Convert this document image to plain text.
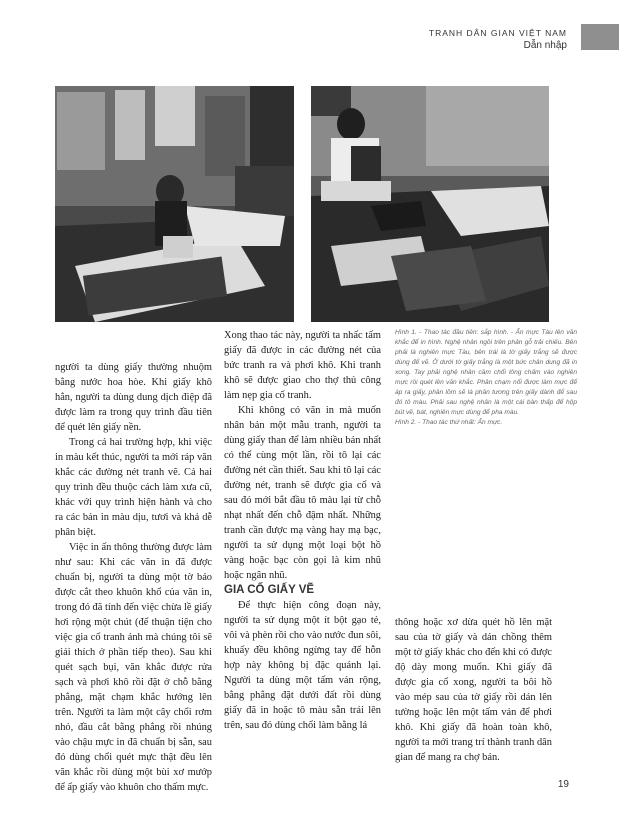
TRANH DÂN GIAN VIỆT NAM
Dẫn nhập

Hình 1. - Thao tác đầu tiên: sắp hình. - Ẩn mực Tàu lên văn khắc để in hình. Nghệ nhân ngồi trên phản gỗ trải chiếu. Bên phải là nghiên mực Tàu, bên trái là tờ giấy trắng sẽ được dùng để vẽ. Ở dưới tờ giấy trắng là một bức chân dung đã in xong. Tay phải nghệ nhân cầm chổi lông chấm vào nghiên mực rồi quét lên văn khắc. Phần chạm nổi được làm mực để áp ra giấy, phần lõm sẽ là phần tương trên giấy dành để sau đó tô màu. Phải sau nghệ nhân là một cái bàn thấp để hộp bút vẽ, bát, nghiên mực dùng để pha màu.

Hình 2. - Thao tác thứ nhất: Ẩn mực.

người ta dùng giấy thường nhuộm bằng nước hoa hòe. Khi giấy khô hẳn, người ta dùng dung dịch điệp đã được làm ra trong quy trình đầu tiên để quét lên giấy nền.

Trong cả hai trường hợp, khi việc in màu kết thúc, người ta mới ráp văn khắc các đường nét tranh vẽ. Cả hai quy trình đều thuộc cách làm xưa cũ, khác với quy trình hiện hành và cho ra các bản in màu dịu, tươi và khả dễ phân biệt.

Việc in ấn thông thường được làm như sau: Khi các văn in đã được chuẩn bị, người ta dùng một tờ báo được cắt theo khuôn khổ của văn in, trong đó đã tính đến việc chừa lề giấy hơi rộng một chút (để thuận tiện cho việc gia cố tranh ảnh mà chúng tôi sẽ giải thích ở phần tiếp theo). Sau khi quét sạch bụi, văn khắc được rửa sạch và phơi khô rồi đặt ở chỗ bằng phẳng, mặt chạm khắc hướng lên trên. Người ta làm một cây chổi rơm nhỏ, đầu cắt bằng phẳng rồi nhúng vào chậu mực in đã chuẩn bị sẵn, sau đó dùng chổi quét mực thật đều lên văn khắc rồi dùng một bùi xơ mướp để ấp giấy vào khuôn cho thấm mực.

Xong thao tác này, người ta nhấc tấm giấy đã được in các đường nét của bức tranh ra và phơi khô. Khi tranh khô sẽ được giao cho thợ thủ công làm nẹp gia cố tranh.

Khi không có văn in mà muốn nhân bản một mẫu tranh, người ta dùng giấy than để làm nhiều bản nhất có thể cùng một lần, rồi tô lại các đường nét cần thiết. Sau khi tô lại các đường nét, tranh sẽ được gia cố và sau đó mới bắt đầu tô màu lại từ chỗ nhạt nhất đến chỗ đậm nhất. Những tranh cần được mạ vàng hay mạ bạc, người ta sử dụng một loại bột hồ vàng hoặc bạc còn gọi là kim nhũ hoặc ngân nhũ.

GIA CỐ GIẤY VẼ

Để thực hiện công đoạn này, người ta sử dụng một ít bột gạo tẻ, vôi và phèn rồi cho vào nước đun sôi, khuấy đều không ngừng tay để hỗn hợp này không bị đặc quánh lại. Người ta dùng một tấm ván rộng, bằng phẳng đặt dưới đất rồi dùng giấy đã in hoặc tô màu sẵn trải lên trên, sau đó dùng chổi làm bằng lá

thông hoặc xơ dừa quét hồ lên mặt sau của tờ giấy và dán chồng thêm một tờ giấy khác cho đến khi có được độ dày mong muốn. Khi giấy đã được gia cố xong, người ta bôi hồ vào mép sau của tờ giấy rồi dán lên tường hoặc lên một tấm ván để phơi khô. Khi giấy đã hoàn toàn khô, người ta mới trang trí thành tranh dân gian để mang ra chợ bán.

19
